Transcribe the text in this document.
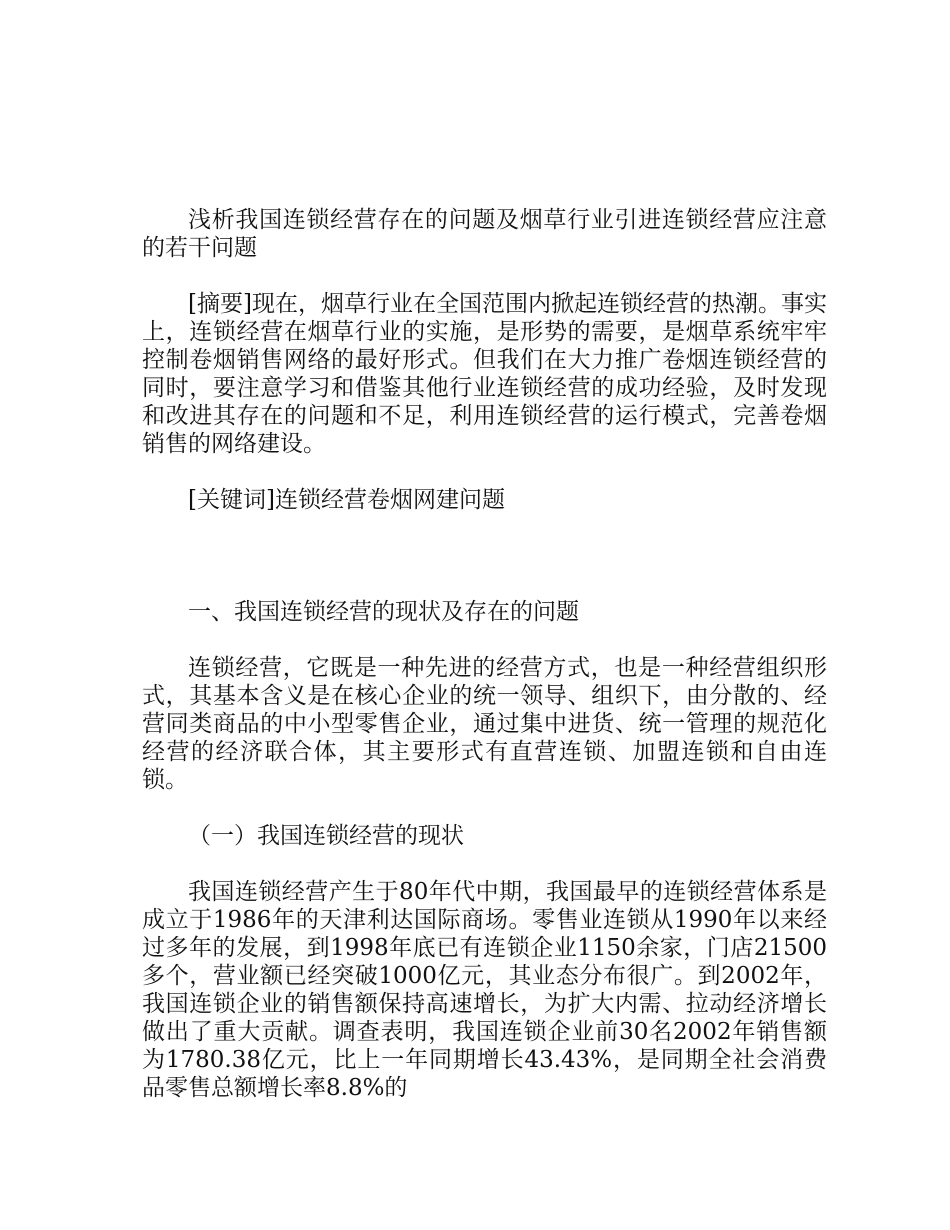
浅析我国连锁经营存在的问题及烟草行业引进连锁经营应注意的若干问题

[摘要]现在，烟草行业在全国范围内掀起连锁经营的热潮。事实上，连锁经营在烟草行业的实施，是形势的需要，是烟草系统牢牢控制卷烟销售网络的最好形式。但我们在大力推广卷烟连锁经营的同时，要注意学习和借鉴其他行业连锁经营的成功经验，及时发现和改进其存在的问题和不足，利用连锁经营的运行模式，完善卷烟销售的网络建设。

[关键词]连锁经营卷烟网建问题

一、我国连锁经营的现状及存在的问题

连锁经营，它既是一种先进的经营方式，也是一种经营组织形式，其基本含义是在核心企业的统一领导、组织下，由分散的、经营同类商品的中小型零售企业，通过集中进货、统一管理的规范化经营的经济联合体，其主要形式有直营连锁、加盟连锁和自由连锁。

（一）我国连锁经营的现状

我国连锁经营产生于80年代中期，我国最早的连锁经营体系是成立于1986年的天津利达国际商场。零售业连锁从1990年以来经过多年的发展，到1998年底已有连锁企业1150余家，门店21500多个，营业额已经突破1000亿元，其业态分布很广。到2002年，我国连锁企业的销售额保持高速增长，为扩大内需、拉动经济增长做出了重大贡献。调查表明，我国连锁企业前30名2002年销售额为1780.38亿元，比上一年同期增长43.43%，是同期全社会消费品零售总额增长率8.8%的
